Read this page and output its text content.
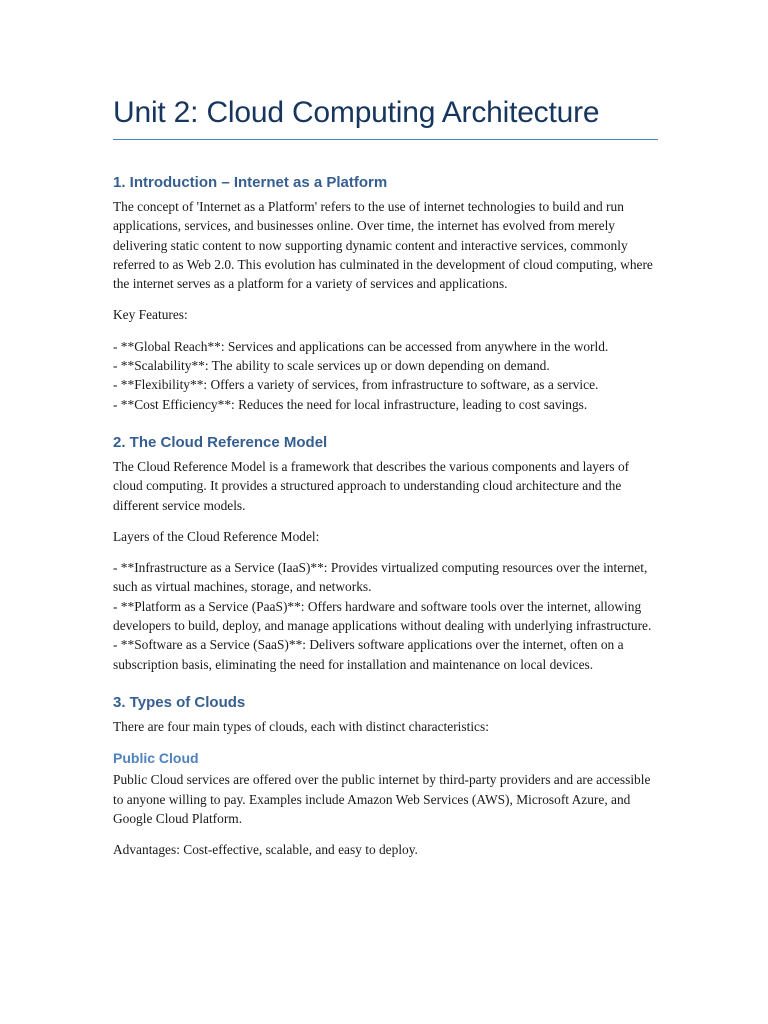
Unit 2: Cloud Computing Architecture
1. Introduction – Internet as a Platform

The concept of 'Internet as a Platform' refers to the use of internet technologies to build and run applications, services, and businesses online. Over time, the internet has evolved from merely delivering static content to now supporting dynamic content and interactive services, commonly referred to as Web 2.0. This evolution has culminated in the development of cloud computing, where the internet serves as a platform for a variety of services and applications.

Key Features:

- **Global Reach**: Services and applications can be accessed from anywhere in the world.
- **Scalability**: The ability to scale services up or down depending on demand.
- **Flexibility**: Offers a variety of services, from infrastructure to software, as a service.
- **Cost Efficiency**: Reduces the need for local infrastructure, leading to cost savings.
2. The Cloud Reference Model

The Cloud Reference Model is a framework that describes the various components and layers of cloud computing. It provides a structured approach to understanding cloud architecture and the different service models.

Layers of the Cloud Reference Model:

- **Infrastructure as a Service (IaaS)**: Provides virtualized computing resources over the internet, such as virtual machines, storage, and networks.
- **Platform as a Service (PaaS)**: Offers hardware and software tools over the internet, allowing developers to build, deploy, and manage applications without dealing with underlying infrastructure.
- **Software as a Service (SaaS)**: Delivers software applications over the internet, often on a subscription basis, eliminating the need for installation and maintenance on local devices.
3. Types of Clouds

There are four main types of clouds, each with distinct characteristics:

Public Cloud

Public Cloud services are offered over the public internet by third-party providers and are accessible to anyone willing to pay. Examples include Amazon Web Services (AWS), Microsoft Azure, and Google Cloud Platform.

Advantages: Cost-effective, scalable, and easy to deploy.
